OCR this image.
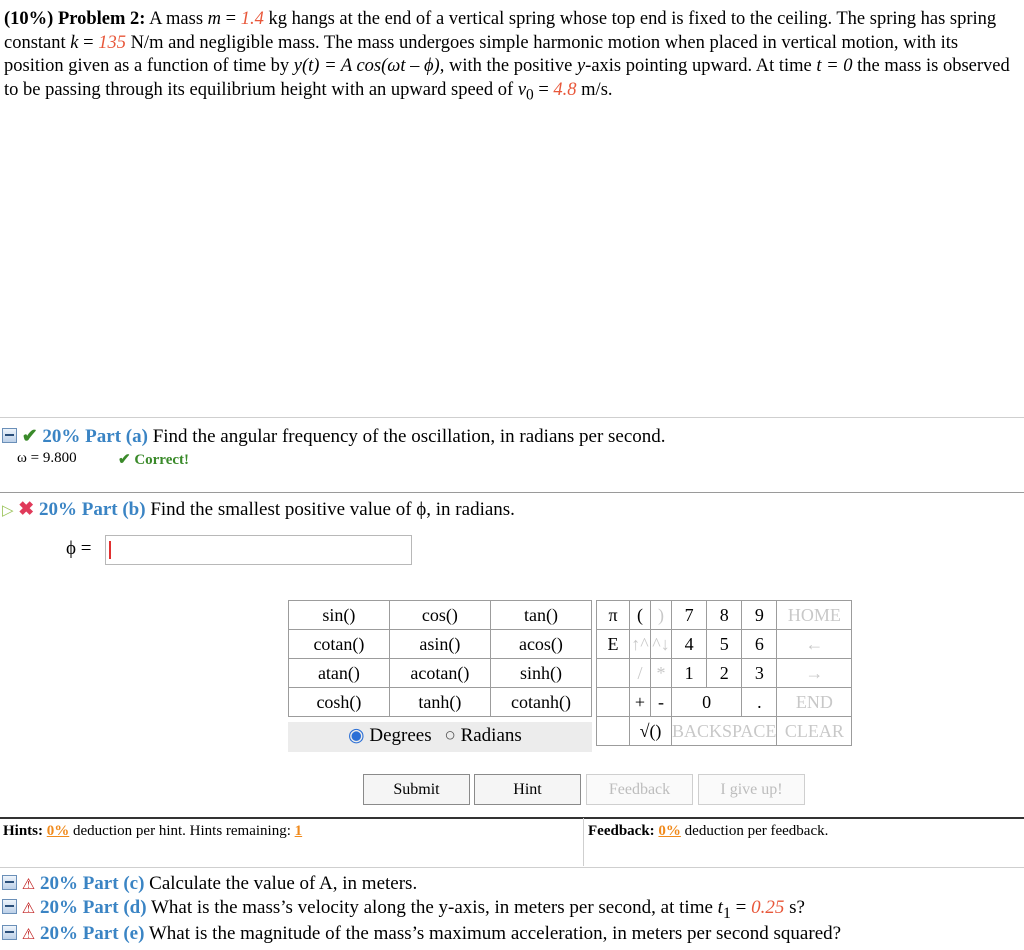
(10%) Problem 2: A mass m = 1.4 kg hangs at the end of a vertical spring whose top end is fixed to the ceiling. The spring has spring constant k = 135 N/m and negligible mass. The mass undergoes simple harmonic motion when placed in vertical motion, with its position given as a function of time by y(t) = A cos(ωt – ϕ), with the positive y-axis pointing upward. At time t = 0 the mass is observed to be passing through its equilibrium height with an upward speed of $v_0 = 4.8$ m/s.
✔ 20% Part (a) Find the angular frequency of the oscillation, in radians per second.
ω = 9.800	✔ Correct!
▷ ✖ 20% Part (b) Find the smallest positive value of ϕ, in radians.
ϕ =
sin()	cos()	tan()
cotan()	asin()	acos()
atan()	acotan()	sinh()
cosh()	tanh()	cotanh()
◉ Degrees ○ Radians
π	(	)	7	8	9	HOME
E	↑^	^↓	4	5	6	←
	/	*	1	2	3	→
	+	-	0		.	END
	√()		BACKSPACE			CLEAR
Submit	Hint	Feedback	I give up!
Hints: 0% deduction per hint. Hints remaining: 1	Feedback: 0% deduction per feedback.
⚠ 20% Part (c) Calculate the value of A, in meters.
⚠ 20% Part (d) What is the mass’s velocity along the y-axis, in meters per second, at time $t_1 = 0.25$ s?
⚠ 20% Part (e) What is the magnitude of the mass’s maximum acceleration, in meters per second squared?
